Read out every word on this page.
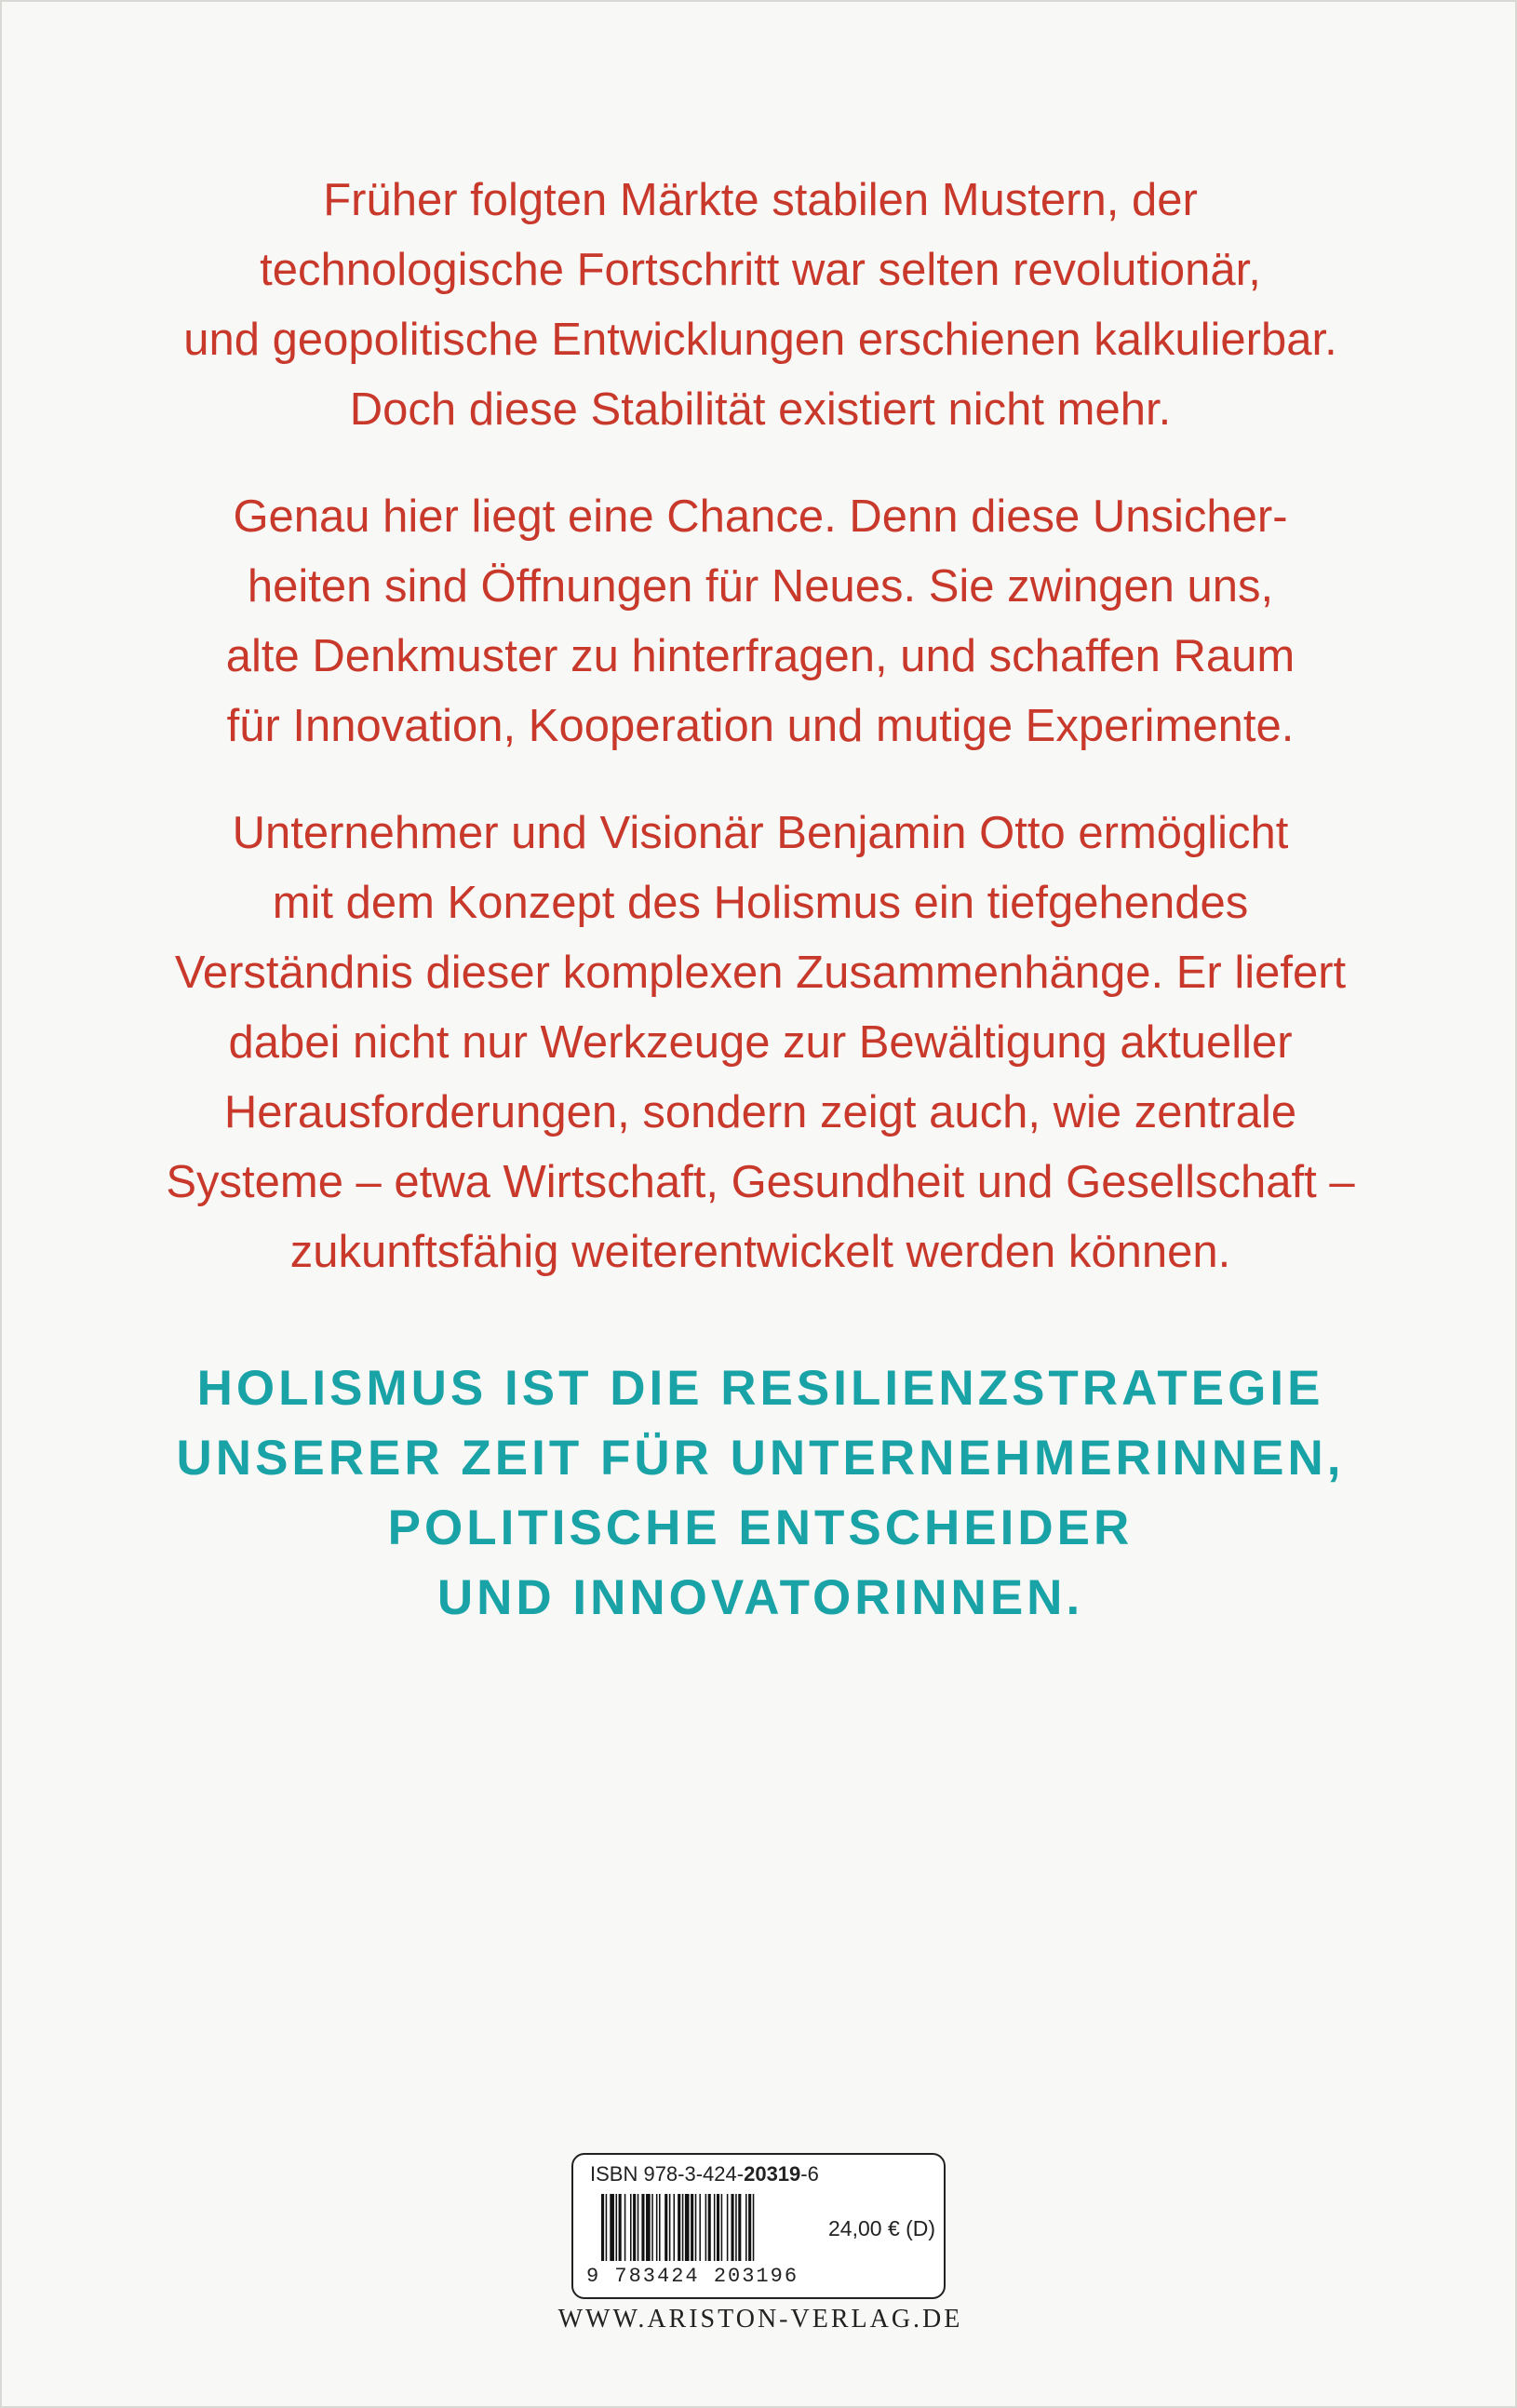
Früher folgten Märkte stabilen Mustern, der
technologische Fortschritt war selten revolutionär,
und geopolitische Entwicklungen erschienen kalkulierbar.
Doch diese Stabilität existiert nicht mehr.

Genau hier liegt eine Chance. Denn diese Unsicher-
heiten sind Öffnungen für Neues. Sie zwingen uns,
alte Denkmuster zu hinterfragen, und schaffen Raum
für Innovation, Kooperation und mutige Experimente.

Unternehmer und Visionär Benjamin Otto ermöglicht
mit dem Konzept des Holismus ein tiefgehendes
Verständnis dieser komplexen Zusammenhänge. Er liefert
dabei nicht nur Werkzeuge zur Bewältigung aktueller
Herausforderungen, sondern zeigt auch, wie zentrale
Systeme – etwa Wirtschaft, Gesundheit und Gesellschaft –
zukunftsfähig weiterentwickelt werden können.

HOLISMUS IST DIE RESILIENZSTRATEGIE
UNSERER ZEIT FÜR UNTERNEHMERINNEN,
POLITISCHE ENTSCHEIDER
UND INNOVATORINNEN.

ISBN 978-3-424-20319-6
9 783424 203196
24,00 € (D)
WWW.ARISTON-VERLAG.DE
